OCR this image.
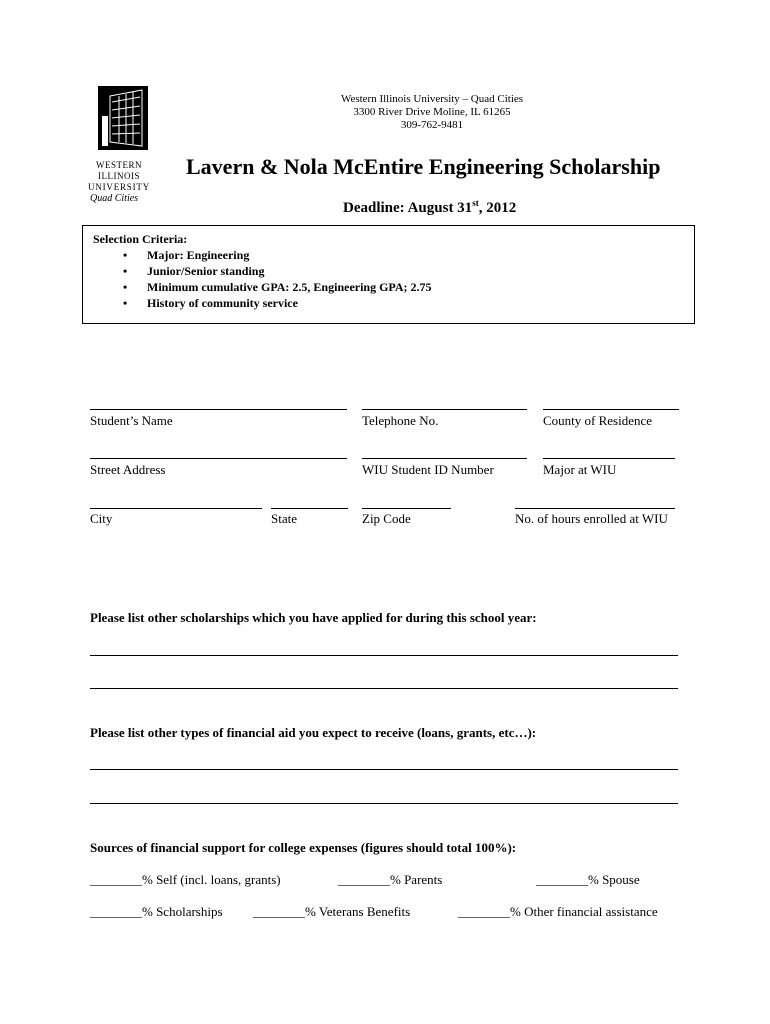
WESTERN
ILLINOIS
UNIVERSITY
Quad Cities
Western Illinois University – Quad Cities
3300 River Drive Moline, IL 61265
309-762-9481
Lavern & Nola McEntire Engineering Scholarship
Deadline: August 31st, 2012
Selection Criteria:
• Major: Engineering
• Junior/Senior standing
• Minimum cumulative GPA: 2.5, Engineering GPA; 2.75
• History of community service
Student’s Name	Telephone No.	County of Residence
Street Address	WIU Student ID Number	Major at WIU
City	State	Zip Code	No. of hours enrolled at WIU
Please list other scholarships which you have applied for during this school year:
Please list other types of financial aid you expect to receive (loans, grants, etc…):
Sources of financial support for college expenses (figures should total 100%):
________% Self (incl. loans, grants)	________% Parents	________% Spouse
________% Scholarships ________% Veterans Benefits	________% Other financial assistance
